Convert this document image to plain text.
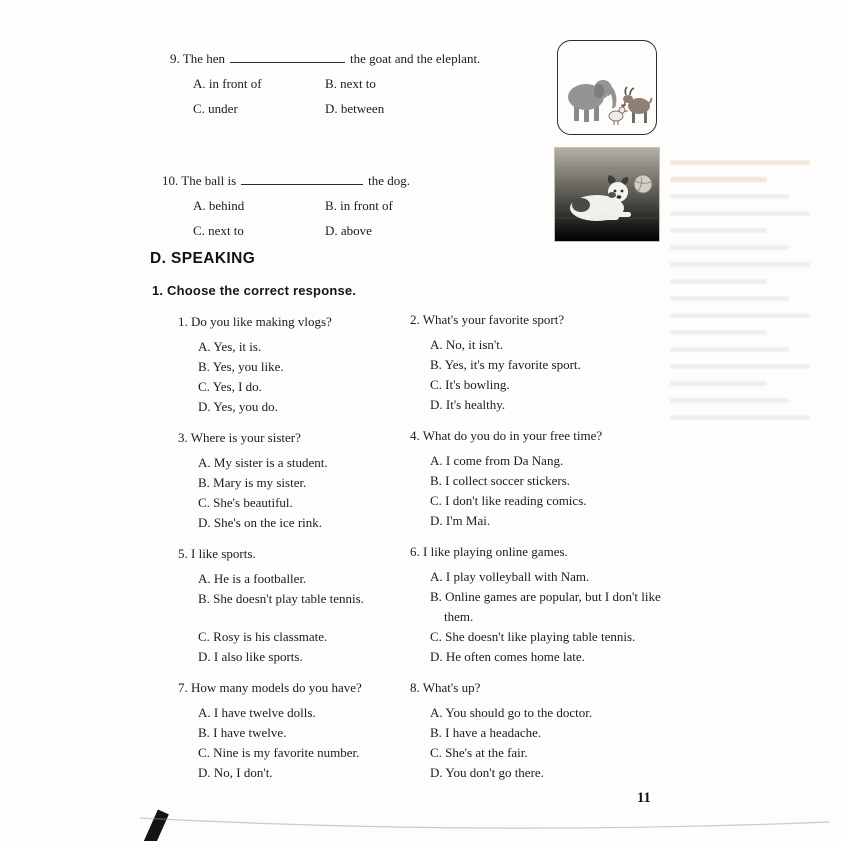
9. The hen	the goat and the eleplant.
A. in front of	B. next to
C. under	D. between
10. The ball is	the dog.
A. behind	B. in front of
C. next to	D. above
D. SPEAKING
1. Choose the correct response.
1. Do you like making vlogs?
A. Yes, it is.
B. Yes, you like.
C. Yes, I do.
D. Yes, you do.
3. Where is your sister?
A. My sister is a student.
B. Mary is my sister.
C. She's beautiful.
D. She's on the ice rink.
5. I like sports.
A. He is a footballer.
B. She doesn't play table tennis.
C. Rosy is his classmate.
D. I also like sports.
7. How many models do you have?
A. I have twelve dolls.
B. I have twelve.
C. Nine is my favorite number.
D. No, I don't.
2. What's your favorite sport?
A. No, it isn't.
B. Yes, it's my favorite sport.
C. It's bowling.
D. It's healthy.
4. What do you do in your free time?
A. I come from Da Nang.
B. I collect soccer stickers.
C. I don't like reading comics.
D. I'm Mai.
6. I like playing online games.
A. I play volleyball with Nam.
B. Online games are popular, but I don't like them.
C. She doesn't like playing table tennis.
D. He often comes home late.
8. What's up?
A. You should go to the doctor.
B. I have a headache.
C. She's at the fair.
D. You don't go there.
11
